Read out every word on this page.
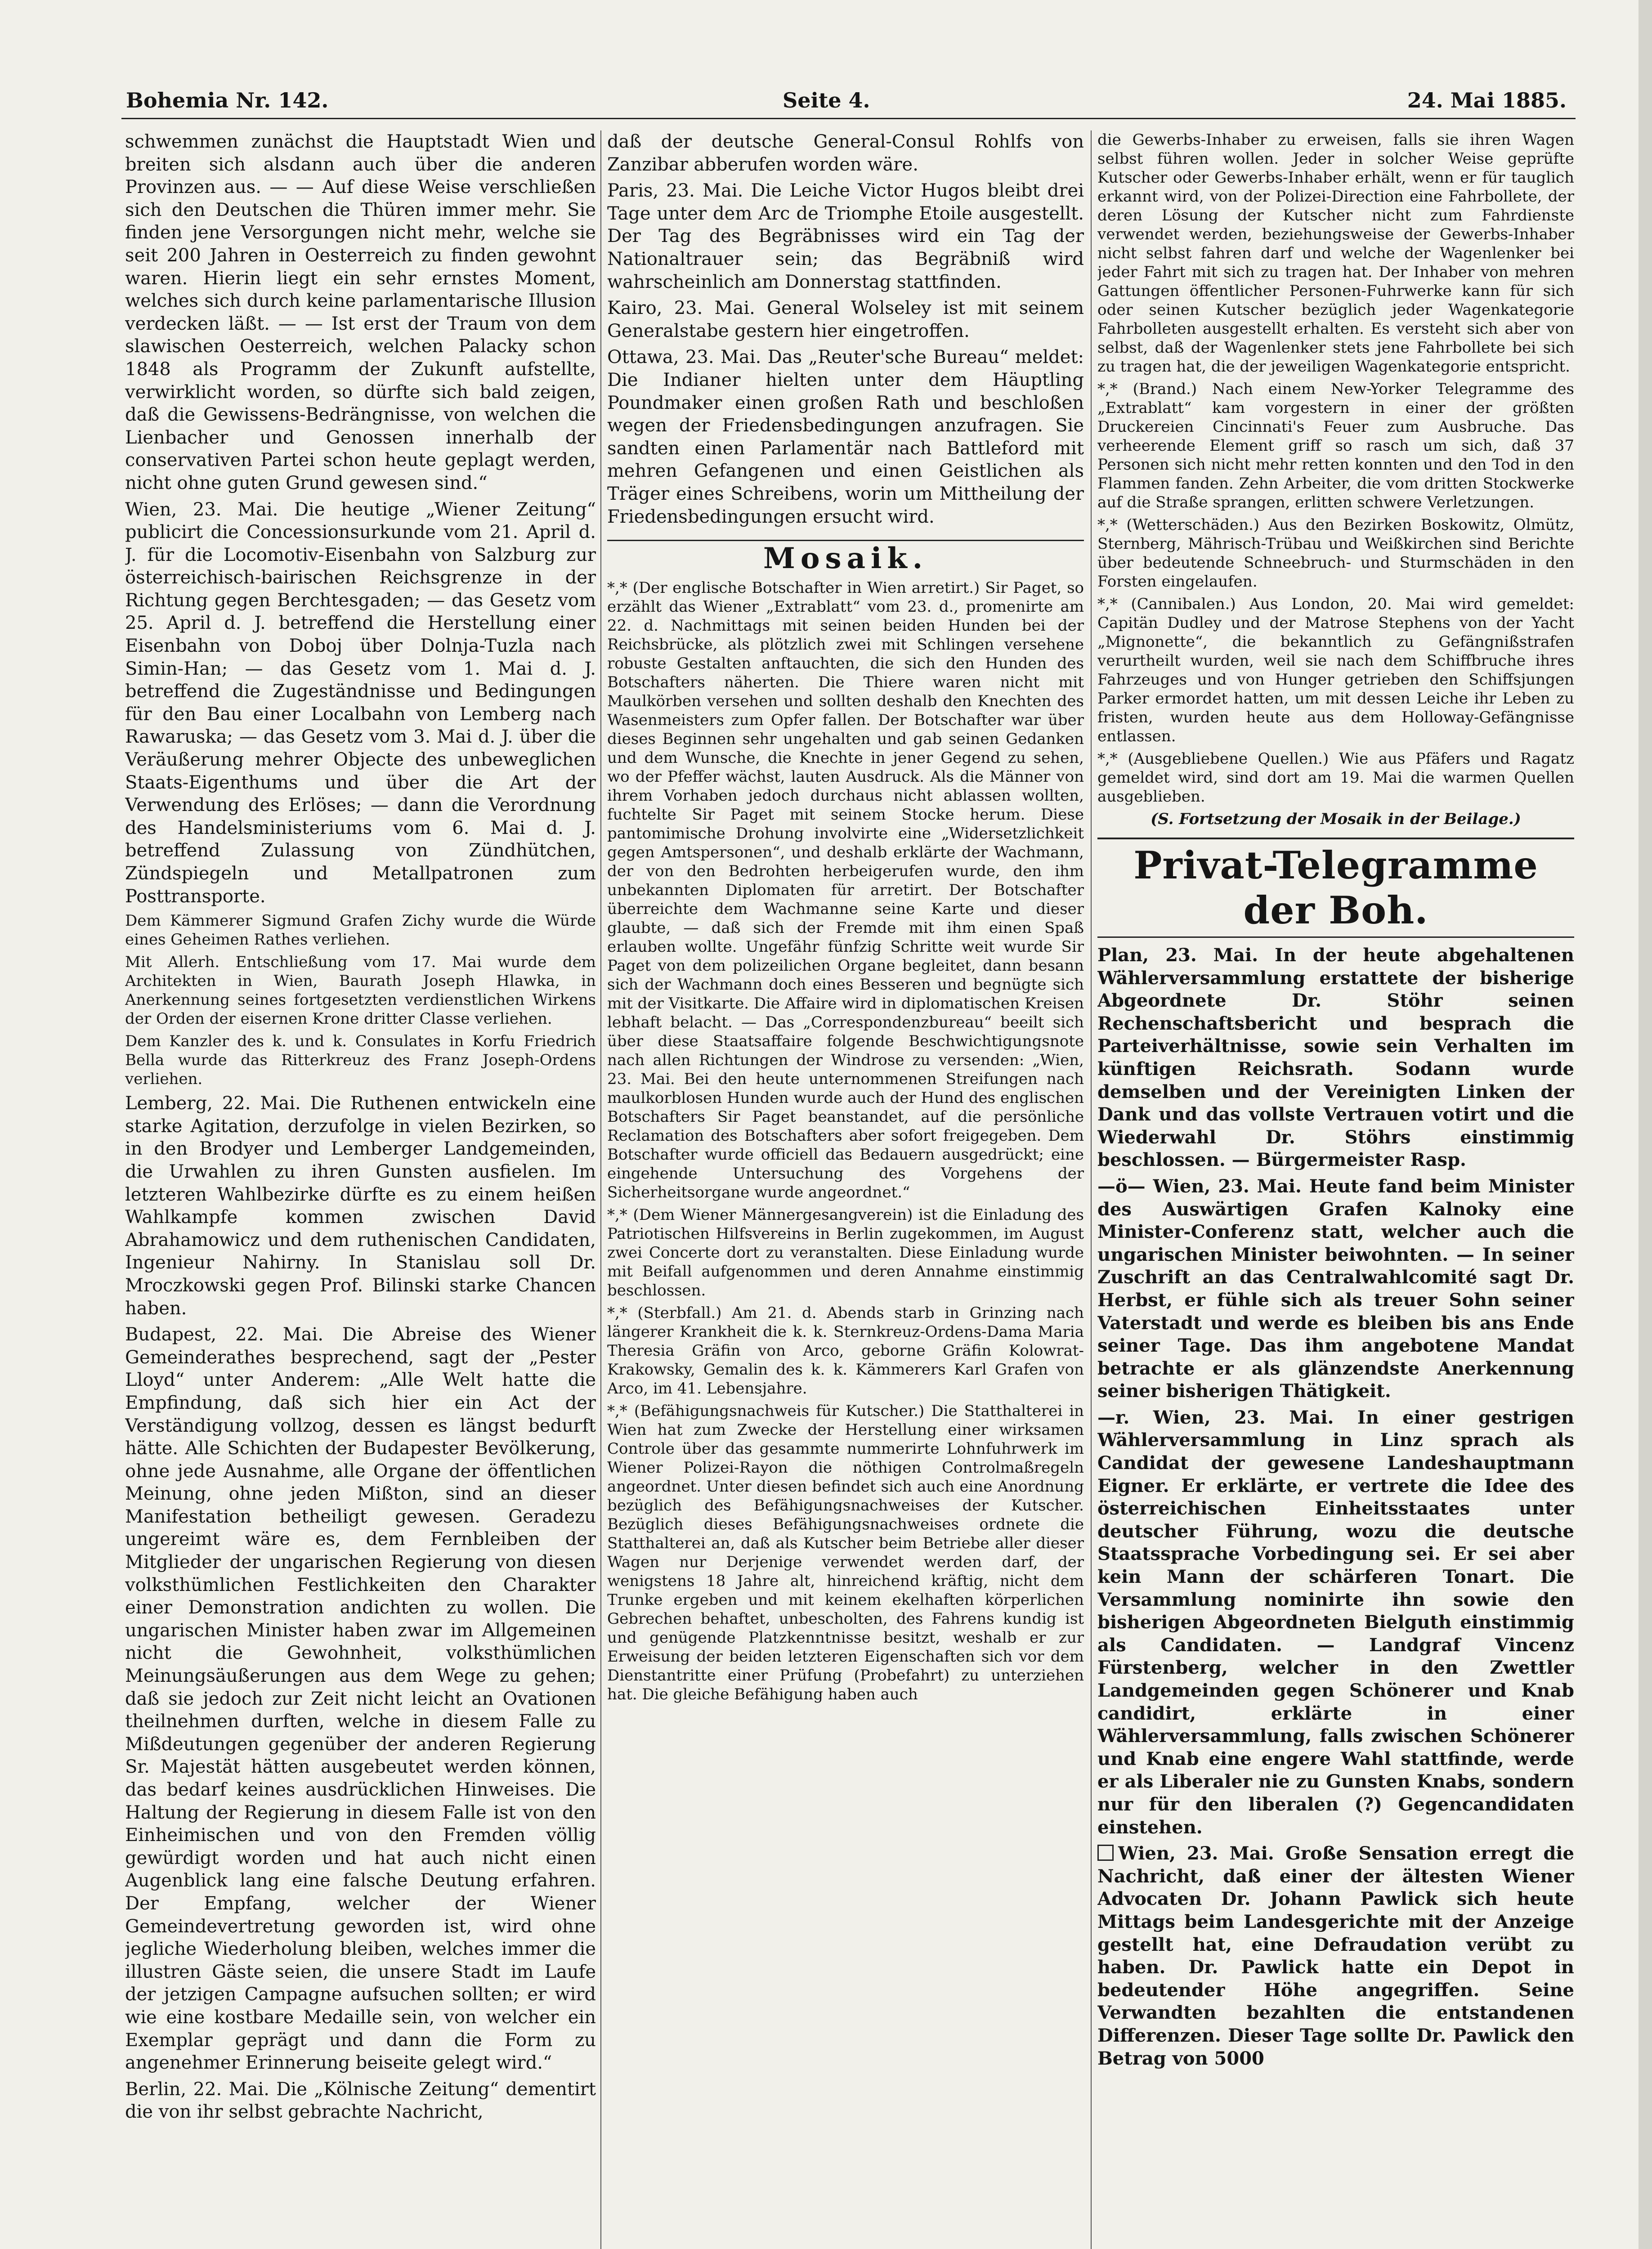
Bohemia Nr. 142.	Seite 4.	24. Mai 1885.

schwemmen zunächst die Hauptstadt Wien und breiten sich alsdann auch über die anderen Provinzen aus. — — Auf diese Weise verschließen sich den Deutschen die Thüren immer mehr. Sie finden jene Versorgungen nicht mehr, welche sie seit 200 Jahren in Oesterreich zu finden gewohnt waren. Hierin liegt ein sehr ernstes Moment, welches sich durch keine parlamentarische Illusion verdecken läßt. — — Ist erst der Traum von dem slawischen Oesterreich, welchen Palacky schon 1848 als Programm der Zukunft aufstellte, verwirklicht worden, so dürfte sich bald zeigen, daß die Gewissens-Bedrängnisse, von welchen die Lienbacher und Genossen innerhalb der conservativen Partei schon heute geplagt werden, nicht ohne guten Grund gewesen sind.“

Wien, 23. Mai. Die heutige „Wiener Zeitung“ publicirt die Concessionsurkunde vom 21. April d. J. für die Locomotiv-Eisenbahn von Salzburg zur österreichisch-bairischen Reichsgrenze in der Richtung gegen Berchtesgaden; — das Gesetz vom 25. April d. J. betreffend die Herstellung einer Eisenbahn von Doboj über Dolnja-Tuzla nach Simin-Han; — das Gesetz vom 1. Mai d. J. betreffend die Zugeständnisse und Bedingungen für den Bau einer Localbahn von Lemberg nach Rawaruska; — das Gesetz vom 3. Mai d. J. über die Veräußerung mehrer Objecte des unbeweglichen Staats-Eigenthums und über die Art der Verwendung des Erlöses; — dann die Verordnung des Handelsministeriums vom 6. Mai d. J. betreffend Zulassung von Zündhütchen, Zündspiegeln und Metallpatronen zum Posttransporte.

Dem Kämmerer Sigmund Grafen Zichy wurde die Würde eines Geheimen Rathes verliehen.

Mit Allerh. Entschließung vom 17. Mai wurde dem Architekten in Wien, Baurath Joseph Hlawka, in Anerkennung seines fortgesetzten verdienstlichen Wirkens der Orden der eisernen Krone dritter Classe verliehen.

Dem Kanzler des k. und k. Consulates in Korfu Friedrich Bella wurde das Ritterkreuz des Franz Joseph-Ordens verliehen.

Lemberg, 22. Mai. Die Ruthenen entwickeln eine starke Agitation, derzufolge in vielen Bezirken, so in den Brodyer und Lemberger Landgemeinden, die Urwahlen zu ihren Gunsten ausfielen. Im letzteren Wahlbezirke dürfte es zu einem heißen Wahlkampfe kommen zwischen David Abrahamowicz und dem ruthenischen Candidaten, Ingenieur Nahirny. In Stanislau soll Dr. Mroczkowski gegen Prof. Bilinski starke Chancen haben.

Budapest, 22. Mai. Die Abreise des Wiener Gemeinderathes besprechend, sagt der „Pester Lloyd“ unter Anderem: „Alle Welt hatte die Empfindung, daß sich hier ein Act der Verständigung vollzog, dessen es längst bedurft hätte. Alle Schichten der Budapester Bevölkerung, ohne jede Ausnahme, alle Organe der öffentlichen Meinung, ohne jeden Mißton, sind an dieser Manifestation betheiligt gewesen. Geradezu ungereimt wäre es, dem Fernbleiben der Mitglieder der ungarischen Regierung von diesen volksthümlichen Festlichkeiten den Charakter einer Demonstration andichten zu wollen. Die ungarischen Minister haben zwar im Allgemeinen nicht die Gewohnheit, volksthümlichen Meinungsäußerungen aus dem Wege zu gehen; daß sie jedoch zur Zeit nicht leicht an Ovationen theilnehmen durften, welche in diesem Falle zu Mißdeutungen gegenüber der anderen Regierung Sr. Majestät hätten ausgebeutet werden können, das bedarf keines ausdrücklichen Hinweises. Die Haltung der Regierung in diesem Falle ist von den Einheimischen und von den Fremden völlig gewürdigt worden und hat auch nicht einen Augenblick lang eine falsche Deutung erfahren. Der Empfang, welcher der Wiener Gemeindevertretung geworden ist, wird ohne jegliche Wiederholung bleiben, welches immer die illustren Gäste seien, die unsere Stadt im Laufe der jetzigen Campagne aufsuchen sollten; er wird wie eine kostbare Medaille sein, von welcher ein Exemplar geprägt und dann die Form zu angenehmer Erinnerung beiseite gelegt wird.“

Berlin, 22. Mai. Die „Kölnische Zeitung“ dementirt die von ihr selbst gebrachte Nachricht,

daß der deutsche General-Consul Rohlfs von Zanzibar abberufen worden wäre.

Paris, 23. Mai. Die Leiche Victor Hugos bleibt drei Tage unter dem Arc de Triomphe Etoile ausgestellt. Der Tag des Begräbnisses wird ein Tag der Nationaltrauer sein; das Begräbniß wird wahrscheinlich am Donnerstag stattfinden.

Kairo, 23. Mai. General Wolseley ist mit seinem Generalstabe gestern hier eingetroffen.

Ottawa, 23. Mai. Das „Reuter'sche Bureau“ meldet: Die Indianer hielten unter dem Häuptling Poundmaker einen großen Rath und beschloßen wegen der Friedensbedingungen anzufragen. Sie sandten einen Parlamentär nach Battleford mit mehren Gefangenen und einen Geistlichen als Träger eines Schreibens, worin um Mittheilung der Friedensbedingungen ersucht wird.

Mosaik.

*,* (Der englische Botschafter in Wien arretirt.) Sir Paget, so erzählt das Wiener „Extrablatt“ vom 23. d., promenirte am 22. d. Nachmittags mit seinen beiden Hunden bei der Reichsbrücke, als plötzlich zwei mit Schlingen versehene robuste Gestalten anftauchten, die sich den Hunden des Botschafters näherten. Die Thiere waren nicht mit Maulkörben versehen und sollten deshalb den Knechten des Wasenmeisters zum Opfer fallen. Der Botschafter war über dieses Beginnen sehr ungehalten und gab seinen Gedanken und dem Wunsche, die Knechte in jener Gegend zu sehen, wo der Pfeffer wächst, lauten Ausdruck. Als die Männer von ihrem Vorhaben jedoch durchaus nicht ablassen wollten, fuchtelte Sir Paget mit seinem Stocke herum. Diese pantomimische Drohung involvirte eine „Widersetzlichkeit gegen Amtspersonen“, und deshalb erklärte der Wachmann, der von den Bedrohten herbeigerufen wurde, den ihm unbekannten Diplomaten für arretirt. Der Botschafter überreichte dem Wachmanne seine Karte und dieser glaubte, — daß sich der Fremde mit ihm einen Spaß erlauben wollte. Ungefähr fünfzig Schritte weit wurde Sir Paget von dem polizeilichen Organe begleitet, dann besann sich der Wachmann doch eines Besseren und begnügte sich mit der Visitkarte. Die Affaire wird in diplomatischen Kreisen lebhaft belacht. — Das „Correspondenzbureau“ beeilt sich über diese Staatsaffaire folgende Beschwichtigungsnote nach allen Richtungen der Windrose zu versenden: „Wien, 23. Mai. Bei den heute unternommenen Streifungen nach maulkorblosen Hunden wurde auch der Hund des englischen Botschafters Sir Paget beanstandet, auf die persönliche Reclamation des Botschafters aber sofort freigegeben. Dem Botschafter wurde officiell das Bedauern ausgedrückt; eine eingehende Untersuchung des Vorgehens der Sicherheitsorgane wurde angeordnet.“

*,* (Dem Wiener Männergesangverein) ist die Einladung des Patriotischen Hilfsvereins in Berlin zugekommen, im August zwei Concerte dort zu veranstalten. Diese Einladung wurde mit Beifall aufgenommen und deren Annahme einstimmig beschlossen.

*,* (Sterbfall.) Am 21. d. Abends starb in Grinzing nach längerer Krankheit die k. k. Sternkreuz-Ordens-Dama Maria Theresia Gräfin von Arco, geborne Gräfin Kolowrat-Krakowsky, Gemalin des k. k. Kämmerers Karl Grafen von Arco, im 41. Lebensjahre.

*,* (Befähigungsnachweis für Kutscher.) Die Statthalterei in Wien hat zum Zwecke der Herstellung einer wirksamen Controle über das gesammte nummerirte Lohnfuhrwerk im Wiener Polizei-Rayon die nöthigen Controlmaßregeln angeordnet. Unter diesen befindet sich auch eine Anordnung bezüglich des Befähigungsnachweises der Kutscher. Bezüglich dieses Befähigungsnachweises ordnete die Statthalterei an, daß als Kutscher beim Betriebe aller dieser Wagen nur Derjenige verwendet werden darf, der wenigstens 18 Jahre alt, hinreichend kräftig, nicht dem Trunke ergeben und mit keinem ekelhaften körperlichen Gebrechen behaftet, unbescholten, des Fahrens kundig ist und genügende Platzkenntnisse besitzt, weshalb er zur Erweisung der beiden letzteren Eigenschaften sich vor dem Dienstantritte einer Prüfung (Probefahrt) zu unterziehen hat. Die gleiche Befähigung haben auch

die Gewerbs-Inhaber zu erweisen, falls sie ihren Wagen selbst führen wollen. Jeder in solcher Weise geprüfte Kutscher oder Gewerbs-Inhaber erhält, wenn er für tauglich erkannt wird, von der Polizei-Direction eine Fahrbollete, der deren Lösung der Kutscher nicht zum Fahrdienste verwendet werden, beziehungsweise der Gewerbs-Inhaber nicht selbst fahren darf und welche der Wagenlenker bei jeder Fahrt mit sich zu tragen hat. Der Inhaber von mehren Gattungen öffentlicher Personen-Fuhrwerke kann für sich oder seinen Kutscher bezüglich jeder Wagenkategorie Fahrbolleten ausgestellt erhalten. Es versteht sich aber von selbst, daß der Wagenlenker stets jene Fahrbollete bei sich zu tragen hat, die der jeweiligen Wagenkategorie entspricht.

*,* (Brand.) Nach einem New-Yorker Telegramme des „Extrablatt“ kam vorgestern in einer der größten Druckereien Cincinnati's Feuer zum Ausbruche. Das verheerende Element griff so rasch um sich, daß 37 Personen sich nicht mehr retten konnten und den Tod in den Flammen fanden. Zehn Arbeiter, die vom dritten Stockwerke auf die Straße sprangen, erlitten schwere Verletzungen.

*,* (Wetterschäden.) Aus den Bezirken Boskowitz, Olmütz, Sternberg, Mährisch-Trübau und Weißkirchen sind Berichte über bedeutende Schneebruch- und Sturmschäden in den Forsten eingelaufen.

*,* (Cannibalen.) Aus London, 20. Mai wird gemeldet: Capitän Dudley und der Matrose Stephens von der Yacht „Mignonette“, die bekanntlich zu Gefängnißstrafen verurtheilt wurden, weil sie nach dem Schiffbruche ihres Fahrzeuges und von Hunger getrieben den Schiffsjungen Parker ermordet hatten, um mit dessen Leiche ihr Leben zu fristen, wurden heute aus dem Holloway-Gefängnisse entlassen.

*,* (Ausgebliebene Quellen.) Wie aus Pfäfers und Ragatz gemeldet wird, sind dort am 19. Mai die warmen Quellen ausgeblieben.

(S. Fortsetzung der Mosaik in der Beilage.)

Privat-Telegramme der Boh.

Plan, 23. Mai. In der heute abgehaltenen Wählerversammlung erstattete der bisherige Abgeordnete Dr. Stöhr seinen Rechenschaftsbericht und besprach die Parteiverhältnisse, sowie sein Verhalten im künftigen Reichsrath. Sodann wurde demselben und der Vereinigten Linken der Dank und das vollste Vertrauen votirt und die Wiederwahl Dr. Stöhrs einstimmig beschlossen. — Bürgermeister Rasp.

—ö— Wien, 23. Mai. Heute fand beim Minister des Auswärtigen Grafen Kalnoky eine Minister-Conferenz statt, welcher auch die ungarischen Minister beiwohnten. — In seiner Zuschrift an das Centralwahlcomité sagt Dr. Herbst, er fühle sich als treuer Sohn seiner Vaterstadt und werde es bleiben bis ans Ende seiner Tage. Das ihm angebotene Mandat betrachte er als glänzendste Anerkennung seiner bisherigen Thätigkeit.

—r. Wien, 23. Mai. In einer gestrigen Wählerversammlung in Linz sprach als Candidat der gewesene Landeshauptmann Eigner. Er erklärte, er vertrete die Idee des österreichischen Einheitsstaates unter deutscher Führung, wozu die deutsche Staatssprache Vorbedingung sei. Er sei aber kein Mann der schärferen Tonart. Die Versammlung nominirte ihn sowie den bisherigen Abgeordneten Bielguth einstimmig als Candidaten. — Landgraf Vincenz Fürstenberg, welcher in den Zwettler Landgemeinden gegen Schönerer und Knab candidirt, erklärte in einer Wählerversammlung, falls zwischen Schönerer und Knab eine engere Wahl stattfinde, werde er als Liberaler nie zu Gunsten Knabs, sondern nur für den liberalen (?) Gegencandidaten einstehen.

Wien, 23. Mai. Große Sensation erregt die Nachricht, daß einer der ältesten Wiener Advocaten Dr. Johann Pawlick sich heute Mittags beim Landesgerichte mit der Anzeige gestellt hat, eine Defraudation verübt zu haben. Dr. Pawlick hatte ein Depot in bedeutender Höhe angegriffen. Seine Verwandten bezahlten die entstandenen Differenzen. Dieser Tage sollte Dr. Pawlick den Betrag von 5000
